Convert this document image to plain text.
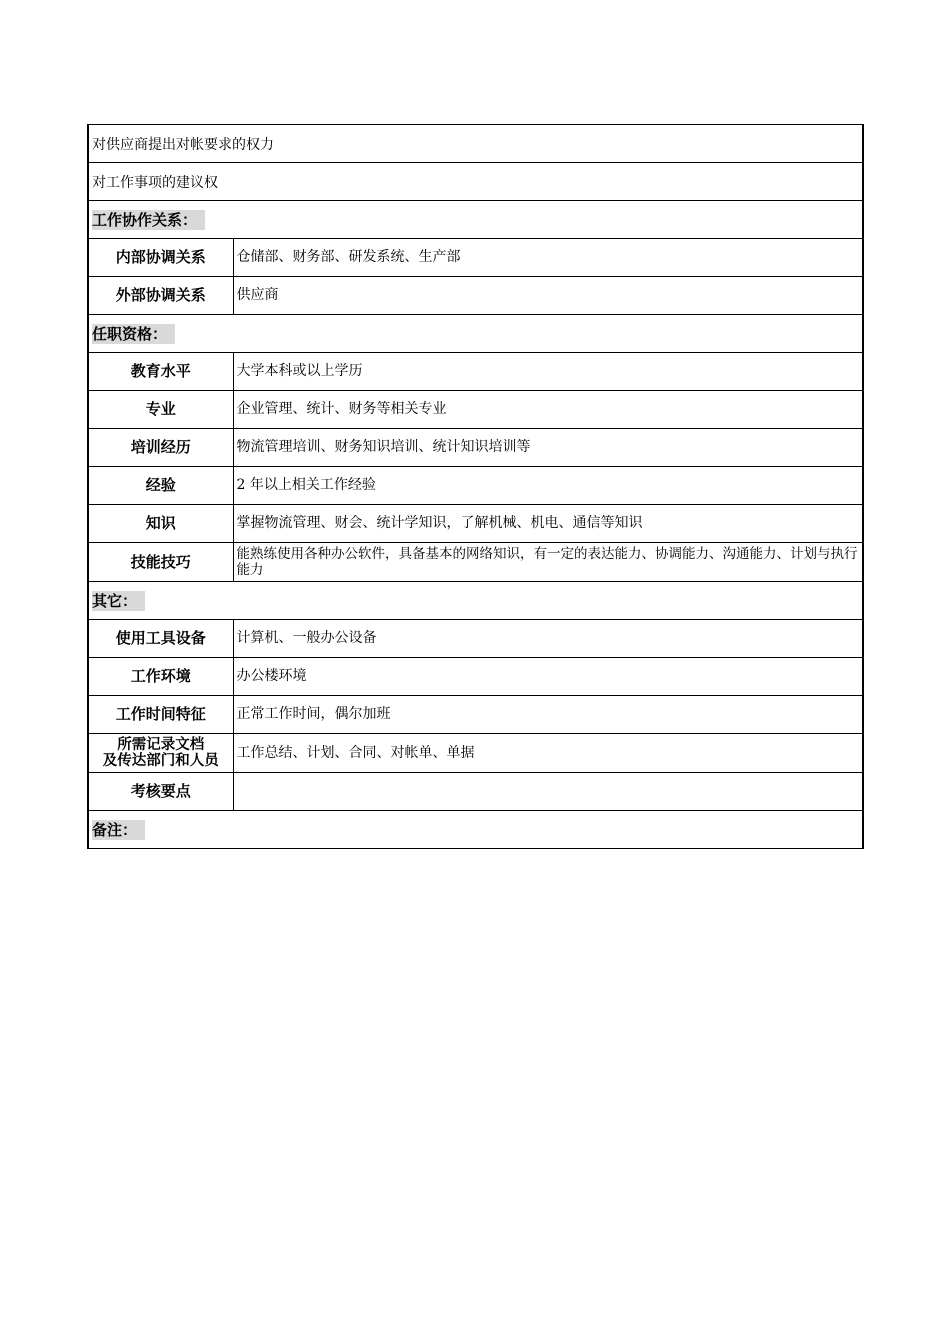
对供应商提出对帐要求的权力	
对工作事项的建议权	
工作协作关系：	
内部协调关系	仓储部、财务部、研发系统、生产部
外部协调关系	供应商
任职资格：	
教育水平	大学本科或以上学历
专业	企业管理、统计、财务等相关专业
培训经历	物流管理培训、财务知识培训、统计知识培训等
经验	2 年以上相关工作经验
知识	掌握物流管理、财会、统计学知识，了解机械、机电、通信等知识
技能技巧	能熟练使用各种办公软件，具备基本的网络知识，有一定的表达能力、协调能力、沟通能力、计划与执行能力
其它：	
使用工具设备	计算机、一般办公设备
工作环境	办公楼环境
工作时间特征	正常工作时间，偶尔加班

所需记录文档
及传达部门和人员	工作总结、计划、合同、对帐单、单据
考核要点	
备注：	
